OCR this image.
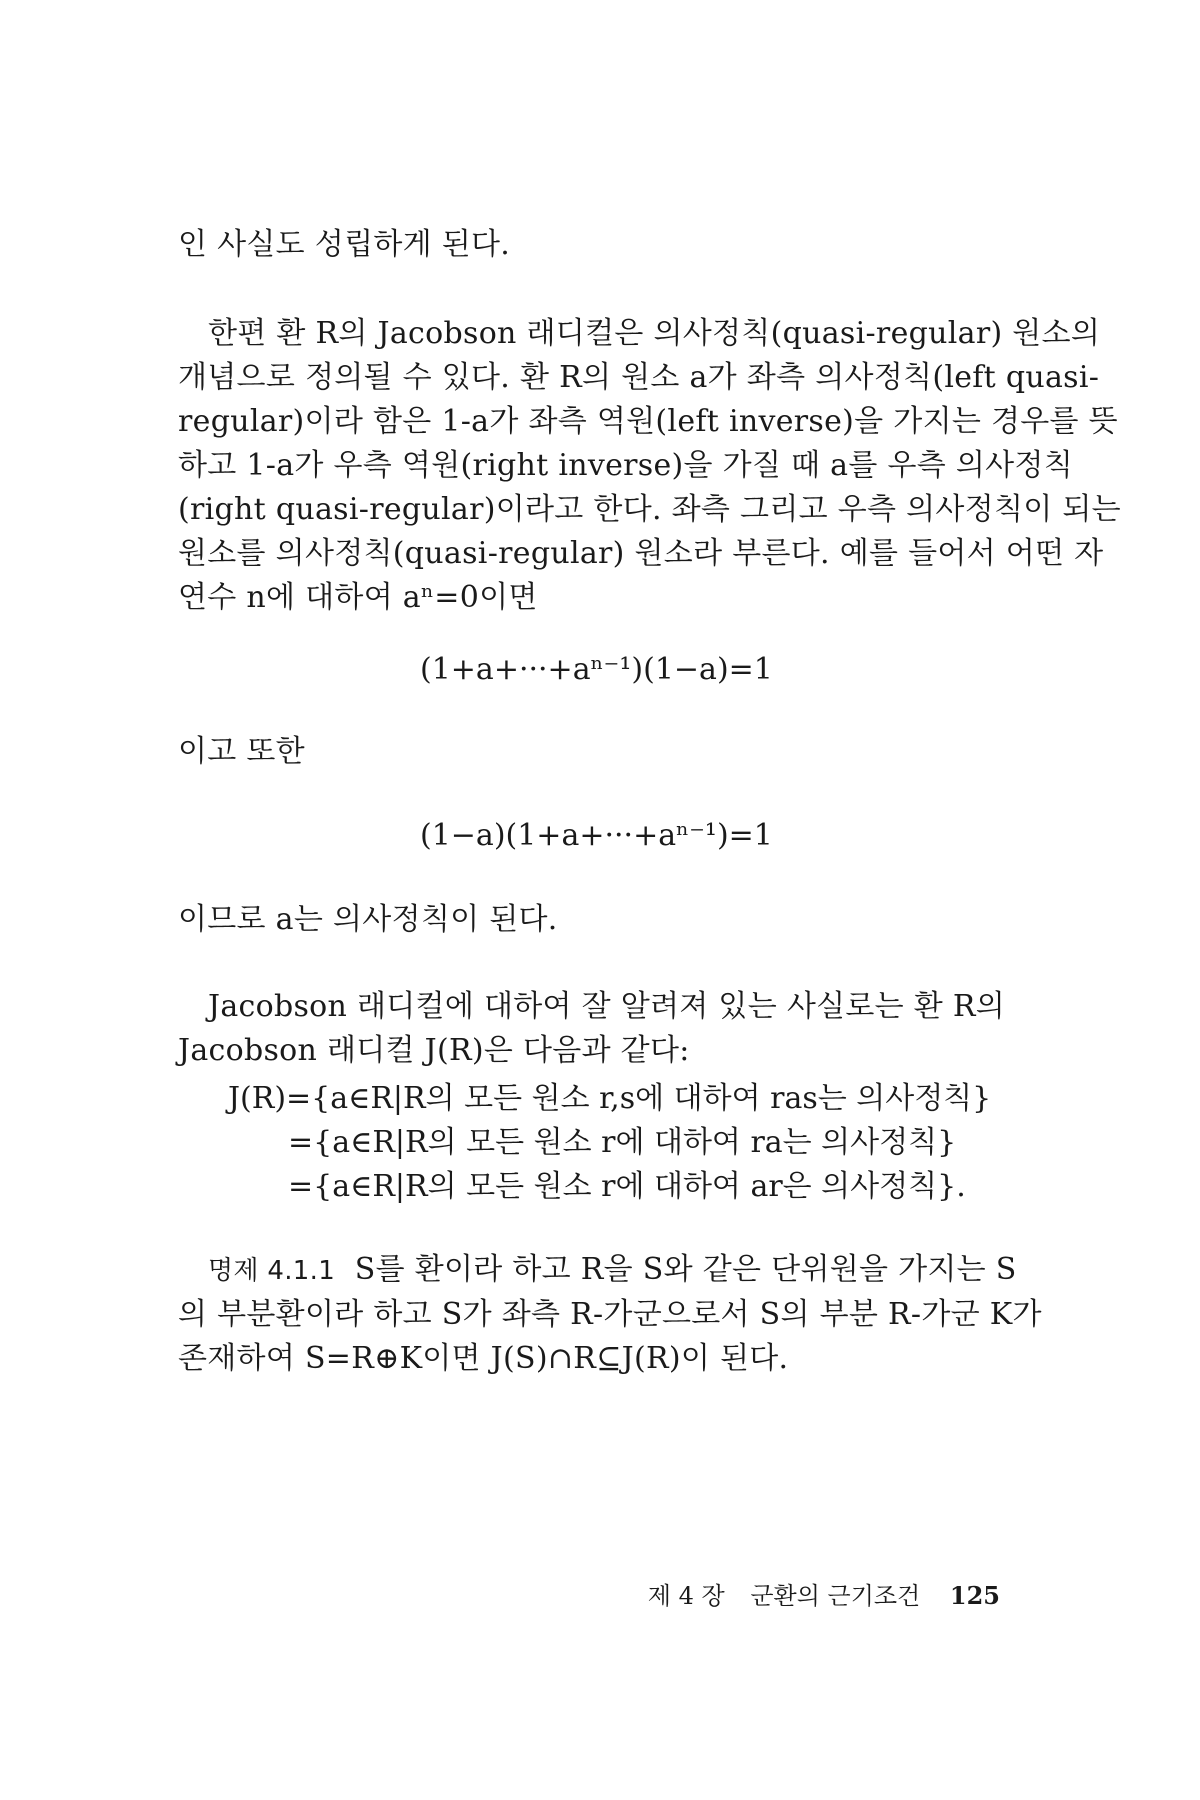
인 사실도 성립하게 된다.

한편 환 R의 Jacobson 래디컬은 의사정칙(quasi-regular) 원소의

개념으로 정의될 수 있다. 환 R의 원소 a가 좌측 의사정칙(left quasi-

regular)이라 함은 1-a가 좌측 역원(left inverse)을 가지는 경우를 뜻

하고 1-a가 우측 역원(right inverse)을 가질 때 a를 우측 의사정칙

(right quasi-regular)이라고 한다. 좌측 그리고 우측 의사정칙이 되는

원소를 의사정칙(quasi-regular) 원소라 부른다. 예를 들어서 어떤 자

연수 n에 대하여 aⁿ=0이면

(1+a+···+aⁿ⁻¹)(1−a)=1
이고 또한
(1−a)(1+a+···+aⁿ⁻¹)=1
이므로 a는 의사정칙이 된다.

Jacobson 래디컬에 대하여 잘 알려져 있는 사실로는 환 R의

Jacobson 래디컬 J(R)은 다음과 같다:

J(R)={a∈R|R의 모든 원소 r,s에 대하여 ras는 의사정칙}
={a∈R|R의 모든 원소 r에 대하여 ra는 의사정칙}
={a∈R|R의 모든 원소 r에 대하여 ar은 의사정칙}.

명제 4.1.1 S를 환이라 하고 R을 S와 같은 단위원을 가지는 S

의 부분환이라 하고 S가 좌측 R-가군으로서 S의 부분 R-가군 K가

존재하여 S=R⊕K이면 J(S)∩R⊆J(R)이 된다.

제 4 장 군환의 근기조건 125
